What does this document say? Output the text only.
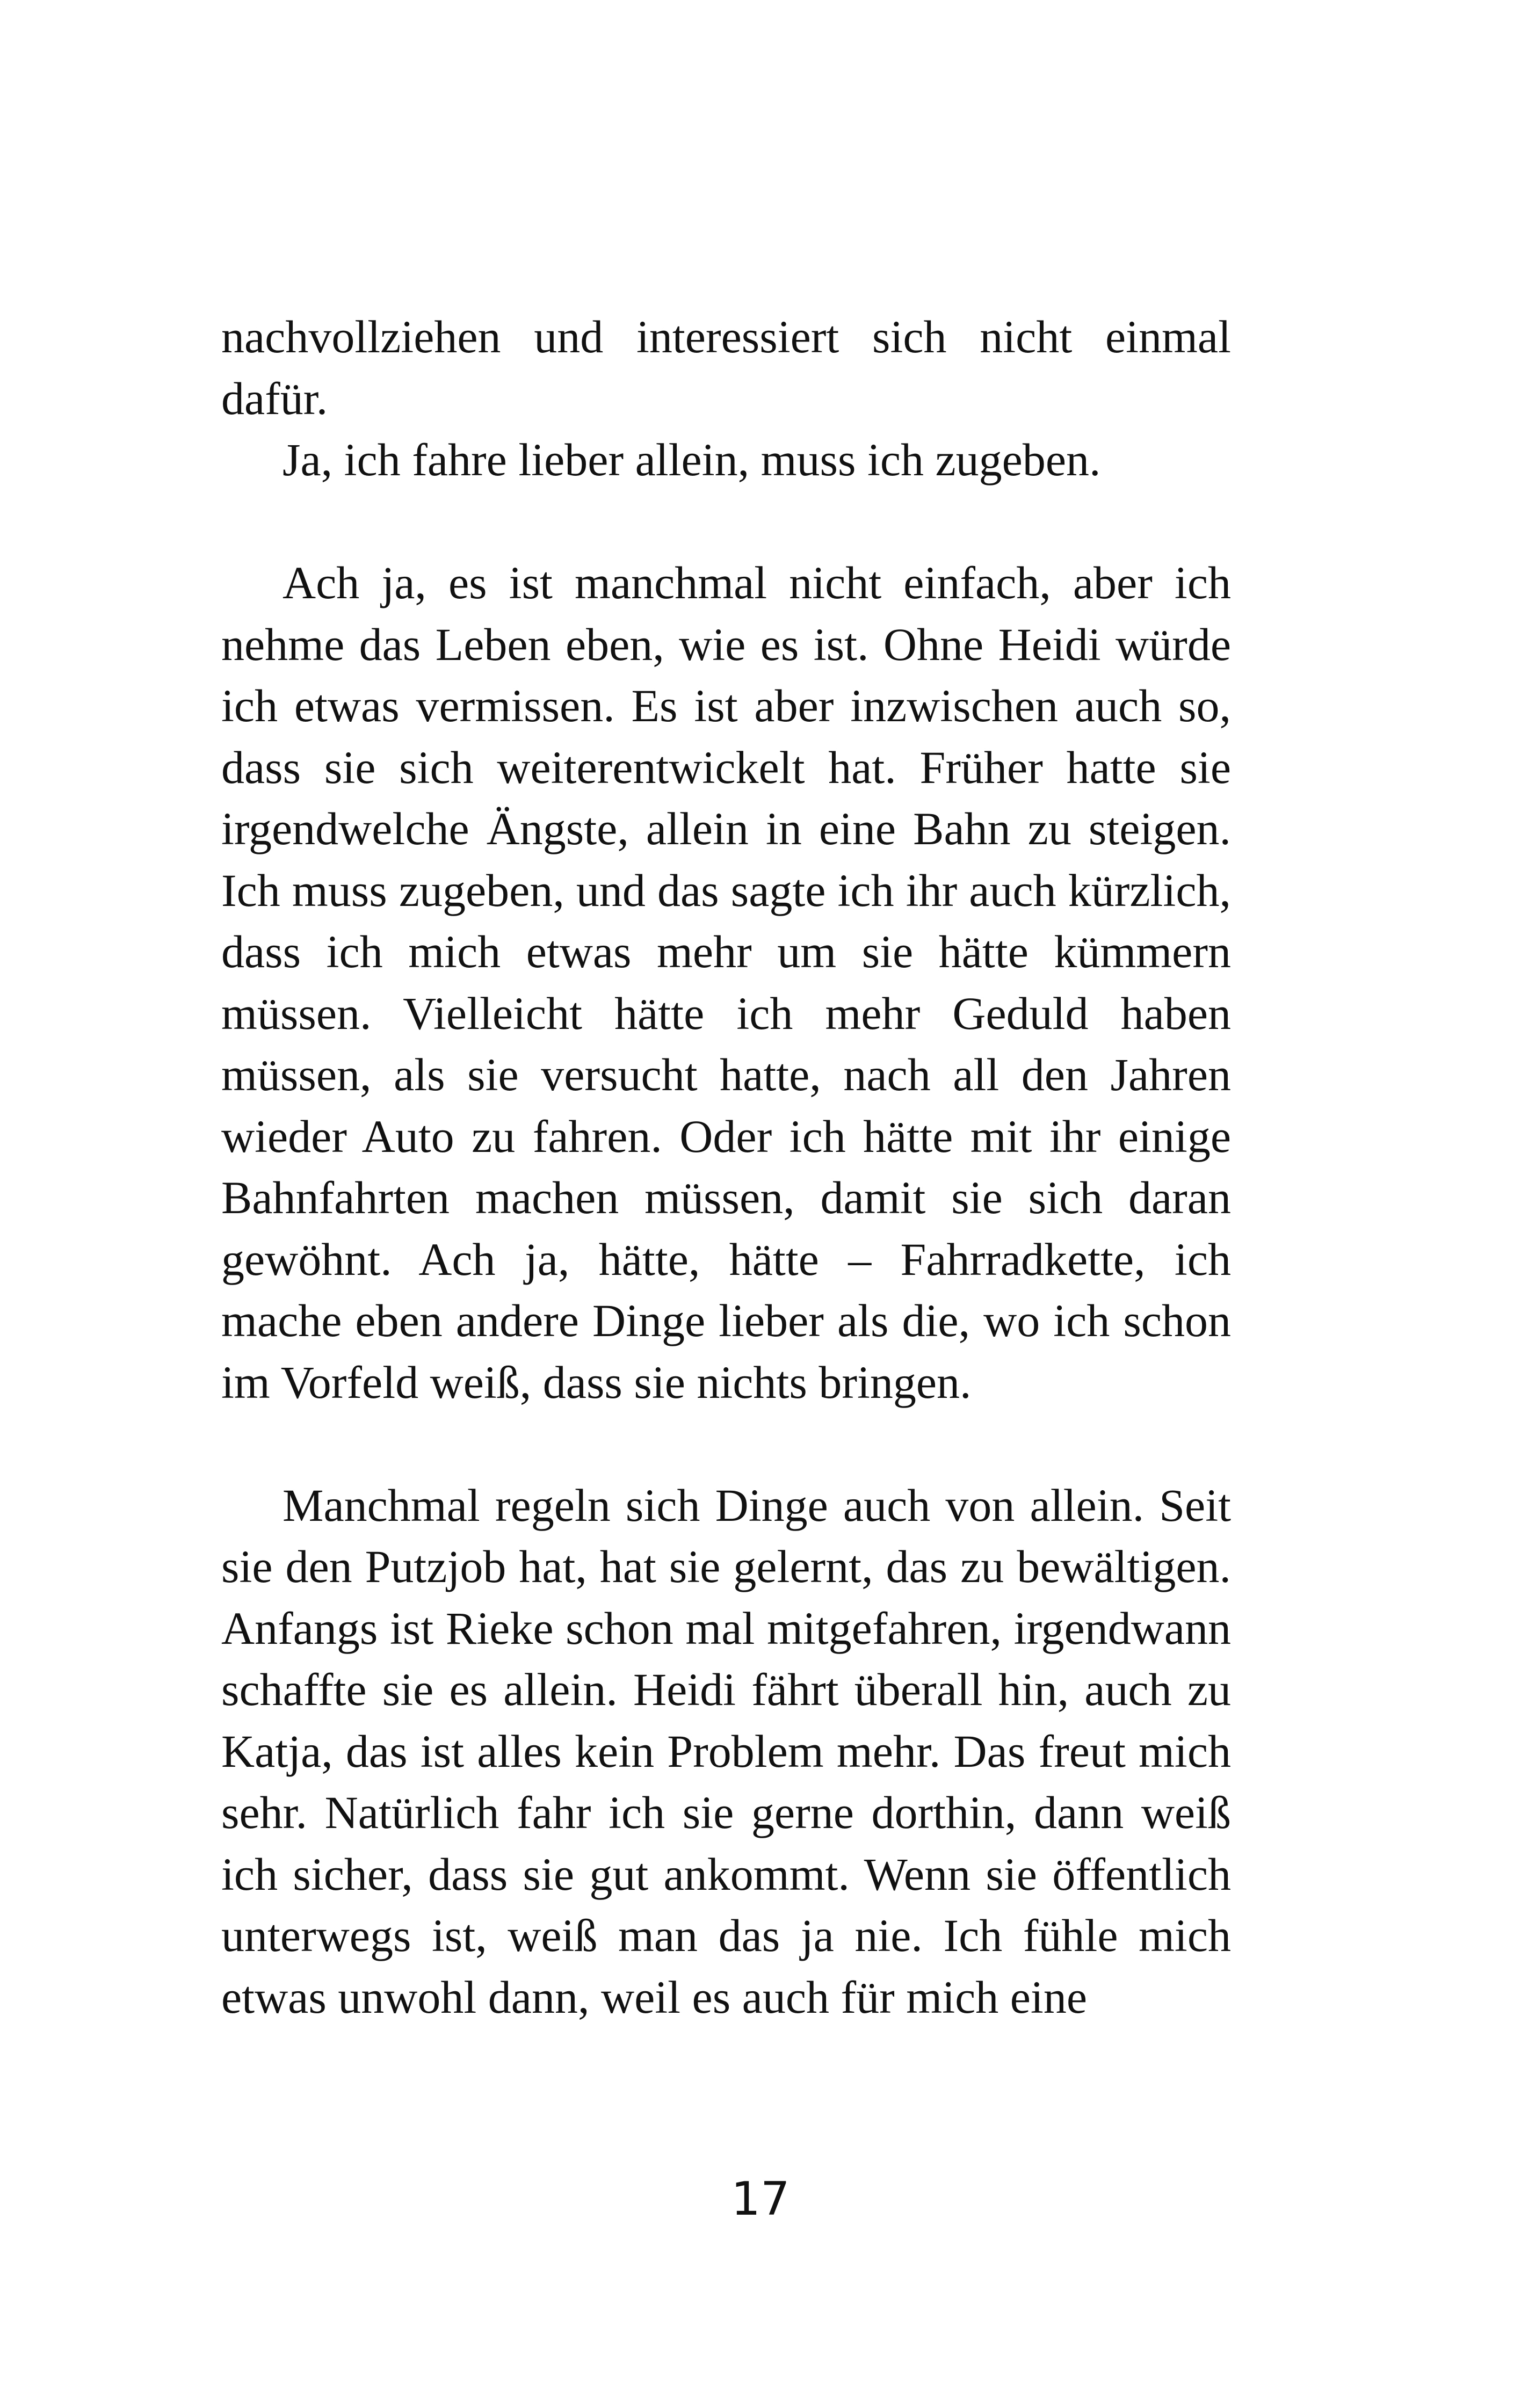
nachvollziehen und interessiert sich nicht einmal dafür.

Ja, ich fahre lieber allein, muss ich zugeben.

Ach ja, es ist manchmal nicht einfach, aber ich nehme das Leben eben, wie es ist. Ohne Heidi würde ich etwas vermissen. Es ist aber inzwischen auch so, dass sie sich weiterentwickelt hat. Früher hatte sie irgendwelche Ängste, allein in eine Bahn zu steigen. Ich muss zugeben, und das sagte ich ihr auch kürzlich, dass ich mich etwas mehr um sie hätte kümmern müssen. Vielleicht hätte ich mehr Geduld haben müssen, als sie versucht hatte, nach all den Jahren wieder Auto zu fahren. Oder ich hätte mit ihr einige Bahnfahrten machen müssen, damit sie sich daran gewöhnt. Ach ja, hätte, hätte – Fahrradkette, ich mache eben andere Dinge lieber als die, wo ich schon im Vorfeld weiß, dass sie nichts bringen.

Manchmal regeln sich Dinge auch von allein. Seit sie den Putzjob hat, hat sie gelernt, das zu bewältigen. Anfangs ist Rieke schon mal mitgefahren, irgendwann schaffte sie es allein. Heidi fährt überall hin, auch zu Katja, das ist alles kein Problem mehr. Das freut mich sehr. Natürlich fahr ich sie gerne dorthin, dann weiß ich sicher, dass sie gut ankommt. Wenn sie öffentlich unterwegs ist, weiß man das ja nie. Ich fühle mich etwas unwohl dann, weil es auch für mich eine

17
